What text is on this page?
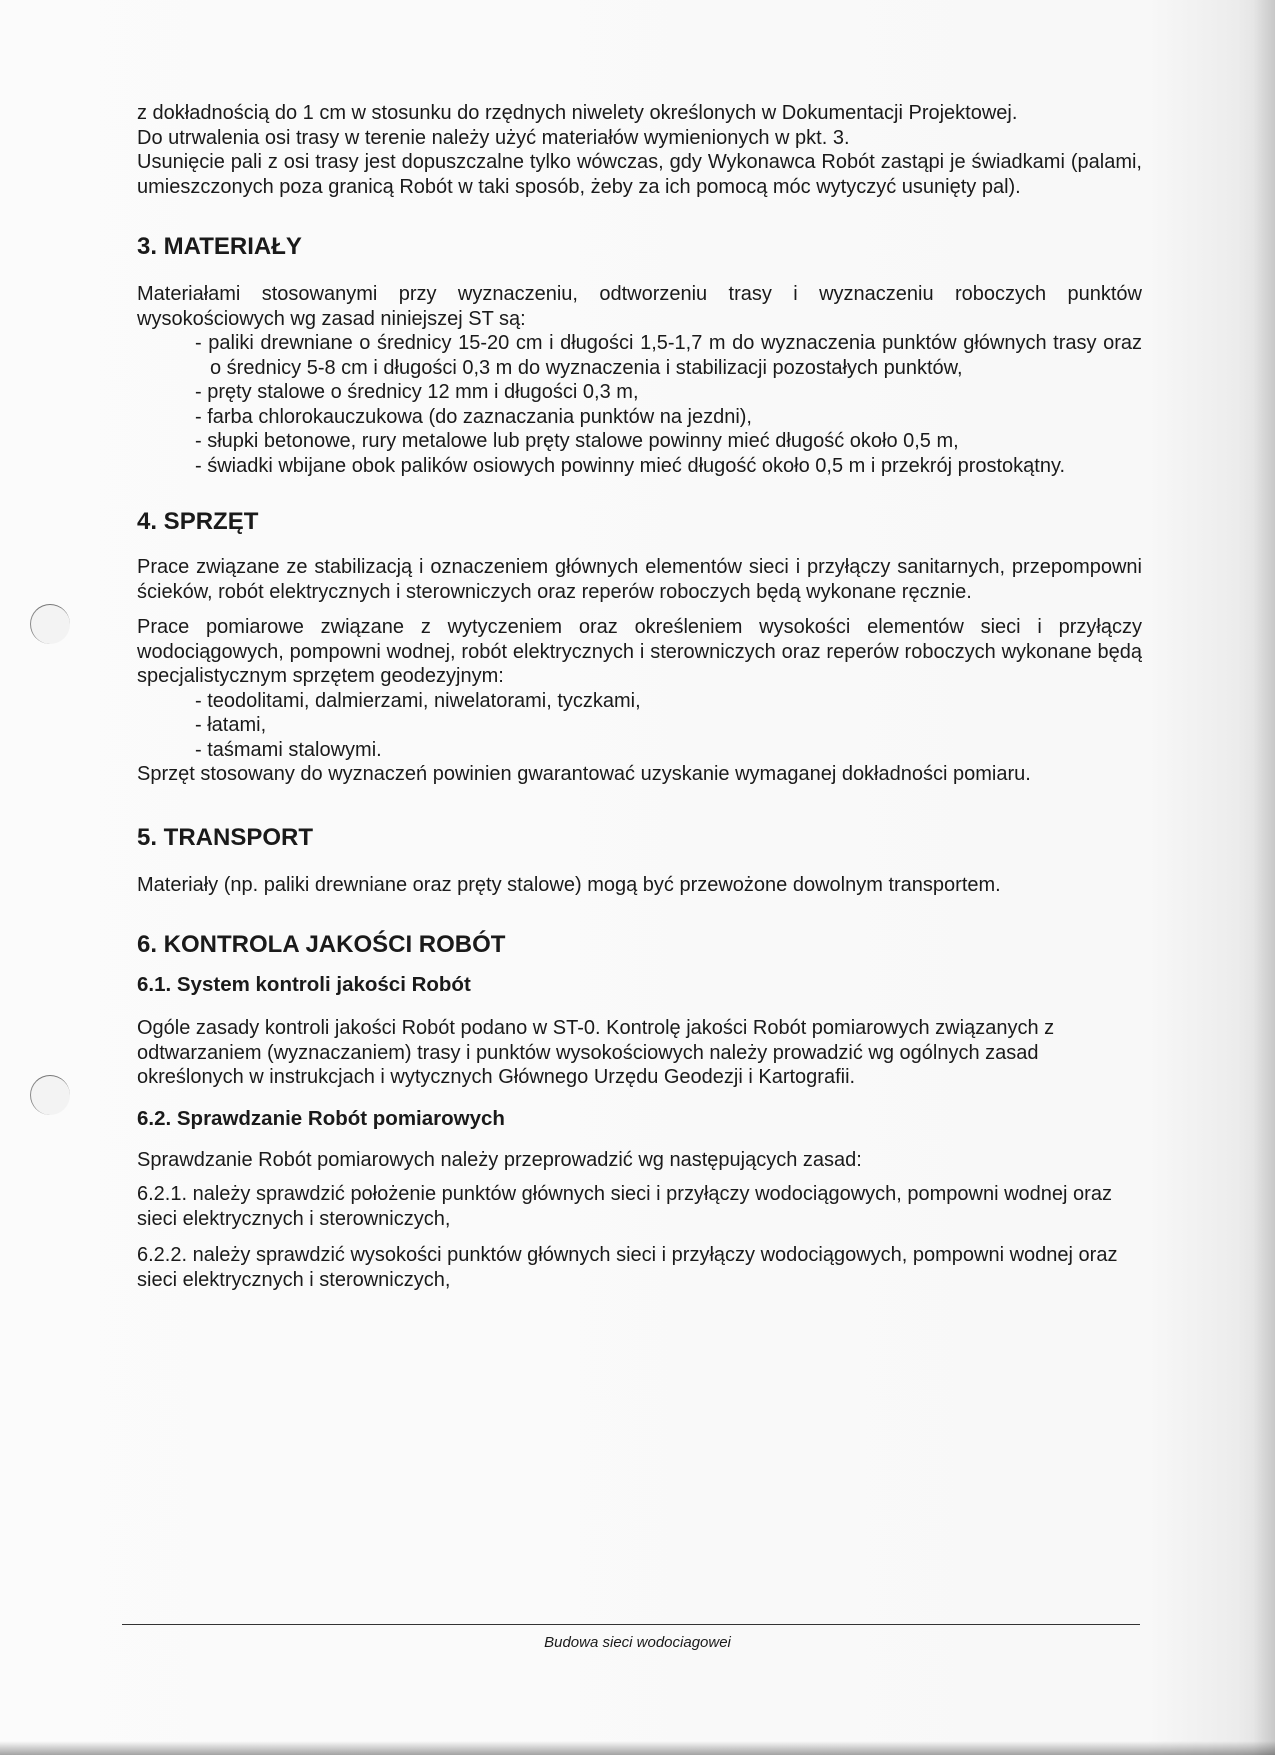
z dokładnością do 1 cm w stosunku do rzędnych niwelety określonych w Dokumentacji Projektowej.

Do utrwalenia osi trasy w terenie należy użyć materiałów wymienionych w pkt. 3.

Usunięcie pali z osi trasy jest dopuszczalne tylko wówczas, gdy Wykonawca Robót zastąpi je świadkami (palami, umieszczonych poza granicą Robót w taki sposób, żeby za ich pomocą móc wytyczyć usunięty pal).

3. MATERIAŁY

Materiałami stosowanymi przy wyznaczeniu, odtworzeniu trasy i wyznaczeniu roboczych punktów wysokościowych wg zasad niniejszej ST są:

- paliki drewniane o średnicy 15-20 cm i długości 1,5-1,7 m do wyznaczenia punktów głównych trasy oraz o średnicy 5-8 cm i długości 0,3 m do wyznaczenia i stabilizacji pozostałych punktów,
- pręty stalowe o średnicy 12 mm i długości 0,3 m,
- farba chlorokauczukowa (do zaznaczania punktów na jezdni),
- słupki betonowe, rury metalowe lub pręty stalowe powinny mieć długość około 0,5 m,
- świadki wbijane obok palików osiowych powinny mieć długość około 0,5 m i przekrój prostokątny.
4. SPRZĘT

Prace związane ze stabilizacją i oznaczeniem głównych elementów sieci i przyłączy sanitarnych, przepompowni ścieków, robót elektrycznych i sterowniczych oraz reperów roboczych będą wykonane ręcznie.

Prace pomiarowe związane z wytyczeniem oraz określeniem wysokości elementów sieci i przyłączy wodociągowych, pompowni wodnej, robót elektrycznych i sterowniczych oraz reperów roboczych wykonane będą specjalistycznym sprzętem geodezyjnym:

- teodolitami, dalmierzami, niwelatorami, tyczkami,
- łatami,
- taśmami stalowymi.

Sprzęt stosowany do wyznaczeń powinien gwarantować uzyskanie wymaganej dokładności pomiaru.

5. TRANSPORT

Materiały (np. paliki drewniane oraz pręty stalowe) mogą być przewożone dowolnym transportem.

6. KONTROLA JAKOŚCI ROBÓT
6.1. System kontroli jakości Robót

Ogóle zasady kontroli jakości Robót podano w ST-0. Kontrolę jakości Robót pomiarowych związanych z odtwarzaniem (wyznaczaniem) trasy i punktów wysokościowych należy prowadzić wg ogólnych zasad określonych w instrukcjach i wytycznych Głównego Urzędu Geodezji i Kartografii.

6.2. Sprawdzanie Robót pomiarowych

Sprawdzanie Robót pomiarowych należy przeprowadzić wg następujących zasad:

6.2.1. należy sprawdzić położenie punktów głównych sieci i przyłączy wodociągowych, pompowni wodnej oraz sieci elektrycznych i sterowniczych,

6.2.2. należy sprawdzić wysokości punktów głównych sieci i przyłączy wodociągowych, pompowni wodnej oraz sieci elektrycznych i sterowniczych,

Budowa sieci wodociagowei
